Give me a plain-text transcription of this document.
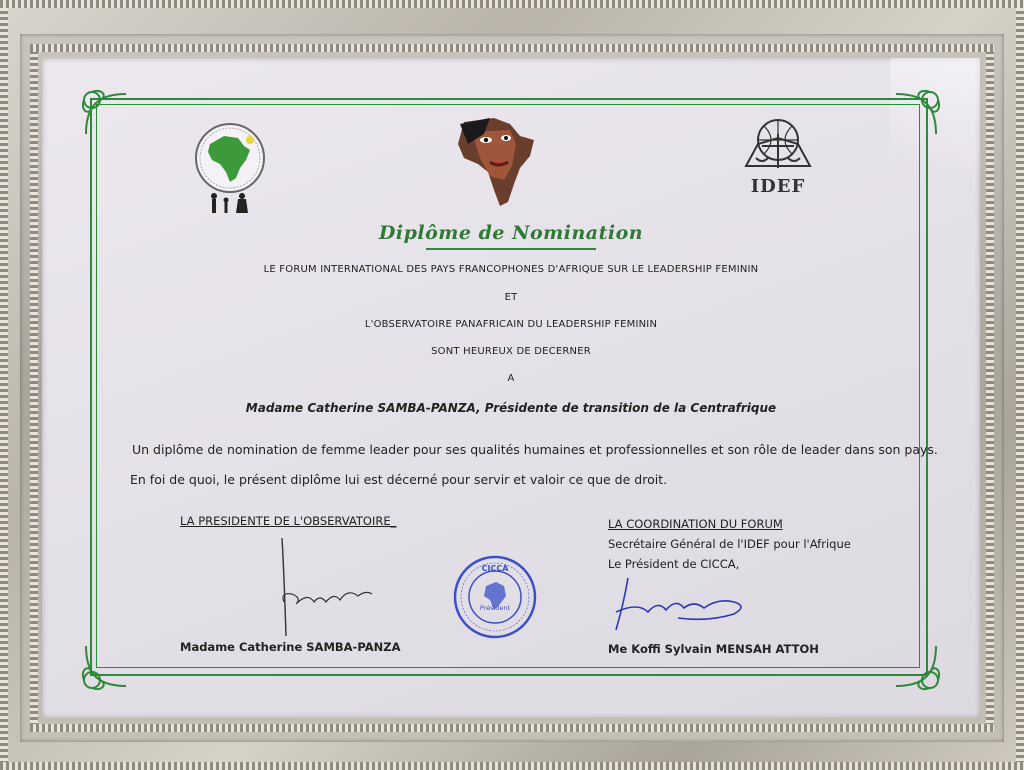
IDEF
Diplôme de Nomination
LE FORUM INTERNATIONAL DES PAYS FRANCOPHONES D'AFRIQUE SUR LE LEADERSHIP FEMININ
ET
L'OBSERVATOIRE PANAFRICAIN DU LEADERSHIP FEMININ
SONT HEUREUX DE DECERNER
A
Madame Catherine SAMBA-PANZA, Présidente de transition de la Centrafrique
Un diplôme de nomination de femme leader pour ses qualités humaines et professionnelles et son rôle de leader dans son pays.
En foi de quoi, le présent diplôme lui est décerné pour servir et valoir ce que de droit.
LA PRESIDENTE DE L'OBSERVATOIRE_
Madame Catherine SAMBA-PANZA
CICCA
Président
LA COORDINATION DU FORUM
Secrétaire Général de l'IDEF pour l'Afrique
Le Président de CICCA,
Me Koffi Sylvain MENSAH ATTOH
